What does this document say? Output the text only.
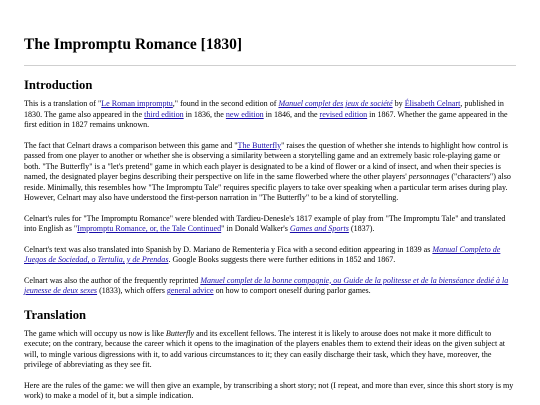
The Impromptu Romance [1830]
Introduction

This is a translation of "Le Roman impromptu," found in the second edition of Manuel complet des jeux de société by Élisabeth Celnart, published in 1830. The game also appeared in the third edition in 1836, the new edition in 1846, and the revised edition in 1867. Whether the game appeared in the first edition in 1827 remains unknown.

The fact that Celnart draws a comparison between this game and "The Butterfly" raises the question of whether she intends to highlight how control is passed from one player to another or whether she is observing a similarity between a storytelling game and an extremely basic role-playing game or both. "The Butterfly" is a "let's pretend" game in which each player is designated to be a kind of flower or a kind of insect, and when their species is named, the designated player begins describing their perspective on life in the same flowerbed where the other players' personnages ("characters") also reside. Minimally, this resembles how "The Impromptu Tale" requires specific players to take over speaking when a particular term arises during play. However, Celnart may also have understood the first-person narration in "The Butterfly" to be a kind of storytelling.

Celnart's rules for "The Impromptu Romance" were blended with Tardieu-Denesle's 1817 example of play from "The Impromptu Tale" and translated into English as "Impromptu Romance, or, the Tale Continued" in Donald Walker's Games and Sports (1837).

Celnart's text was also translated into Spanish by D. Mariano de Rementeria y Fica with a second edition appearing in 1839 as Manual Completo de Juegos de Sociedad, o Tertulia, y de Prendas. Google Books suggests there were further editions in 1852 and 1867.

Celnart was also the author of the frequently reprinted Manuel complet de la bonne compagnie, ou Guide de la politesse et de la bienséance dedié à la jeunesse de deux sexes (1833), which offers general advice on how to comport oneself during parlor games.

Translation

The game which will occupy us now is like Butterfly and its excellent fellows. The interest it is likely to arouse does not make it more difficult to execute; on the contrary, because the career which it opens to the imagination of the players enables them to extend their ideas on the given subject at will, to mingle various digressions with it, to add various circumstances to it; they can easily discharge their task, which they have, moreover, the privilege of abbreviating as they see fit.

Here are the rules of the game: we will then give an example, by transcribing a short story; not (I repeat, and more than ever, since this short story is my work) to make a model of it, but a simple indication.
